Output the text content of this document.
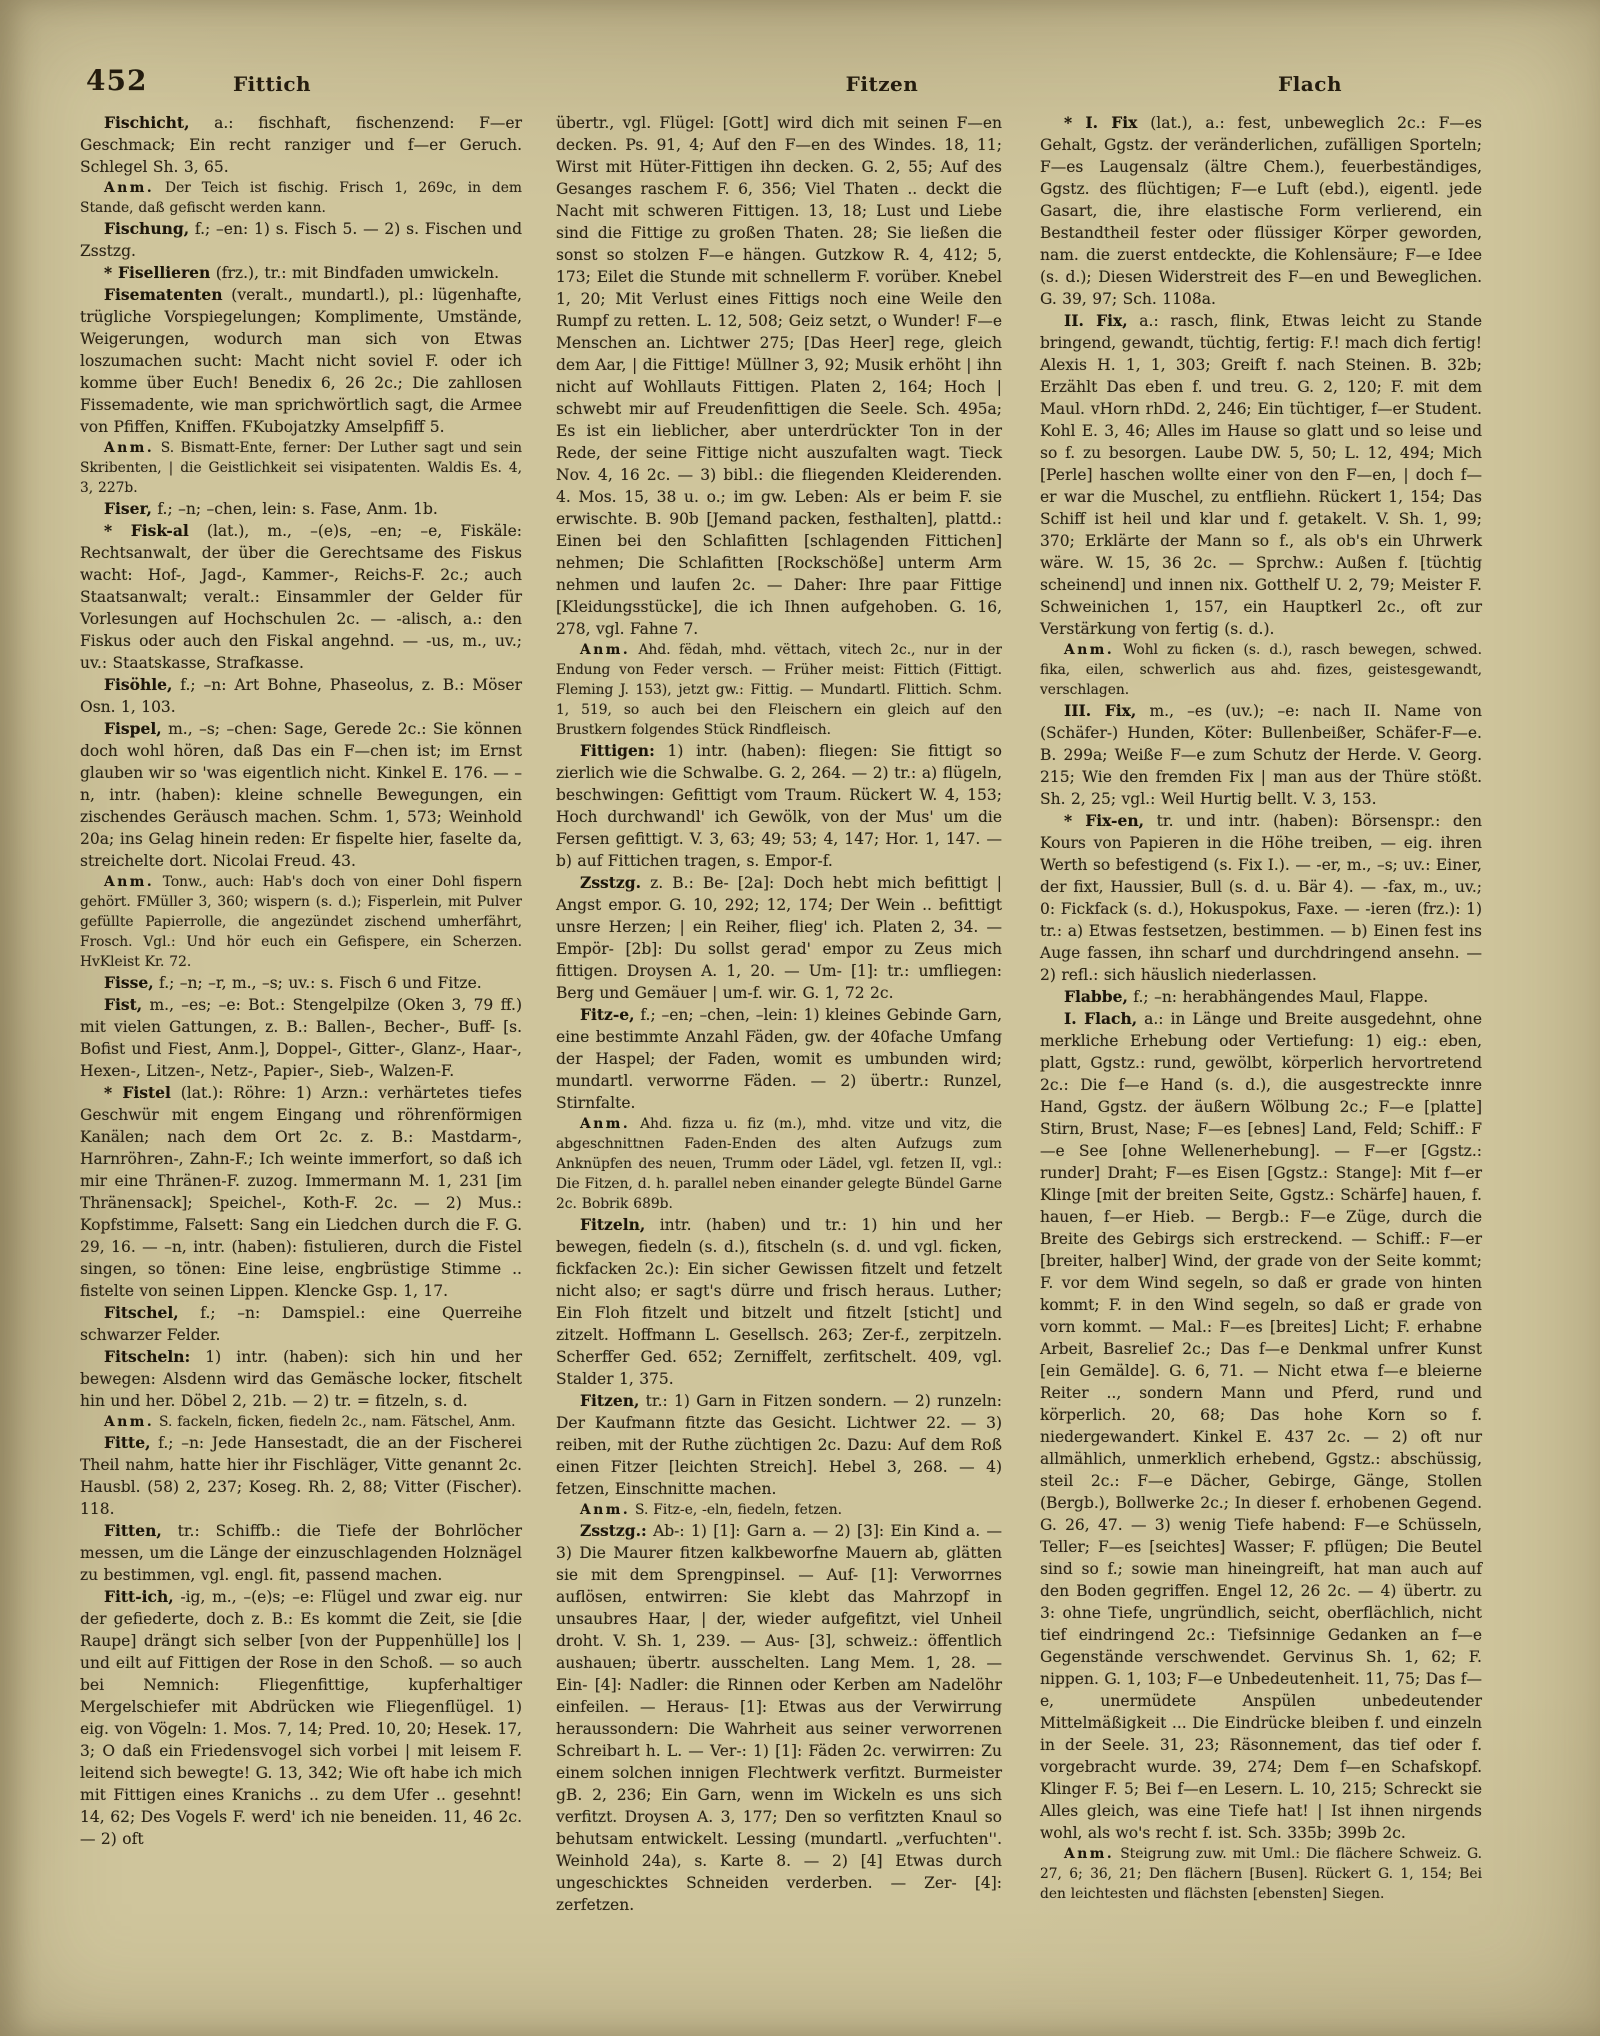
452	Fittich	Fitzen	Flach

Fischicht, a.: fischhaft, fischenzend: F—er Geschmack; Ein recht ranziger und f—er Geruch. Schlegel Sh. 3, 65.

Anm. Der Teich ist fischig. Frisch 1, 269c, in dem Stande, daß gefischt werden kann.

Fischung, f.; –en: 1) s. Fisch 5. — 2) s. Fischen und Zsstzg.

* Fisellieren (frz.), tr.: mit Bindfaden umwickeln.

Fisematenten (veralt., mundartl.), pl.: lügenhafte, trügliche Vorspiegelungen; Komplimente, Umstände, Weigerungen, wodurch man sich von Etwas loszumachen sucht: Macht nicht soviel F. oder ich komme über Euch! Benedix 6, 26 2c.; Die zahllosen Fissemadente, wie man sprichwörtlich sagt, die Armee von Pfiffen, Kniffen. FKubojatzky Amselpfiff 5.

Anm. S. Bismatt-Ente, ferner: Der Luther sagt und sein Skribenten, | die Geistlichkeit sei visipatenten. Waldis Es. 4, 3, 227b.

Fiser, f.; –n; –chen, lein: s. Fase, Anm. 1b.

* Fisk-al (lat.), m., –(e)s, –en; –e, Fiskäle: Rechtsanwalt, der über die Gerechtsame des Fiskus wacht: Hof-, Jagd-, Kammer-, Reichs-F. 2c.; auch Staatsanwalt; veralt.: Einsammler der Gelder für Vorlesungen auf Hochschulen 2c. — -alisch, a.: den Fiskus oder auch den Fiskal angehnd. — -us, m., uv.; uv.: Staatskasse, Strafkasse.

Fisöhle, f.; –n: Art Bohne, Phaseolus, z. B.: Möser Osn. 1, 103.

Fispel, m., –s; –chen: Sage, Gerede 2c.: Sie können doch wohl hören, daß Das ein F—chen ist; im Ernst glauben wir so 'was eigentlich nicht. Kinkel E. 176. — –n, intr. (haben): kleine schnelle Bewegungen, ein zischendes Geräusch machen. Schm. 1, 573; Weinhold 20a; ins Gelag hinein reden: Er fispelte hier, faselte da, streichelte dort. Nicolai Freud. 43.

Anm. Tonw., auch: Hab's doch von einer Dohl fispern gehört. FMüller 3, 360; wispern (s. d.); Fisperlein, mit Pulver gefüllte Papierrolle, die angezündet zischend umherfährt, Frosch. Vgl.: Und hör euch ein Gefispere, ein Scherzen. HvKleist Kr. 72.

Fisse, f.; –n; –r, m., –s; uv.: s. Fisch 6 und Fitze.

Fist, m., –es; –e: Bot.: Stengelpilze (Oken 3, 79 ff.) mit vielen Gattungen, z. B.: Ballen-, Becher-, Buff- [s. Bofist und Fiest, Anm.], Doppel-, Gitter-, Glanz-, Haar-, Hexen-, Litzen-, Netz-, Papier-, Sieb-, Walzen-F.

* Fistel (lat.): Röhre: 1) Arzn.: verhärtetes tiefes Geschwür mit engem Eingang und röhrenförmigen Kanälen; nach dem Ort 2c. z. B.: Mastdarm-, Harnröhren-, Zahn-F.; Ich weinte immerfort, so daß ich mir eine Thränen-F. zuzog. Immermann M. 1, 231 [im Thränensack]; Speichel-, Koth-F. 2c. — 2) Mus.: Kopfstimme, Falsett: Sang ein Liedchen durch die F. G. 29, 16. — –n, intr. (haben): fistulieren, durch die Fistel singen, so tönen: Eine leise, engbrüstige Stimme .. fistelte von seinen Lippen. Klencke Gsp. 1, 17.

Fitschel, f.; –n: Damspiel.: eine Querreihe schwarzer Felder.

Fitscheln: 1) intr. (haben): sich hin und her bewegen: Alsdenn wird das Gemäsche locker, fitschelt hin und her. Döbel 2, 21b. — 2) tr. = fitzeln, s. d.

Anm. S. fackeln, ficken, fiedeln 2c., nam. Fätschel, Anm.

Fitte, f.; –n: Jede Hansestadt, die an der Fischerei Theil nahm, hatte hier ihr Fischläger, Vitte genannt 2c. Hausbl. (58) 2, 237; Koseg. Rh. 2, 88; Vitter (Fischer). 118.

Fitten, tr.: Schiffb.: die Tiefe der Bohrlöcher messen, um die Länge der einzuschlagenden Holznägel zu bestimmen, vgl. engl. fit, passend machen.

Fitt-ich, -ig, m., –(e)s; –e: Flügel und zwar eig. nur der gefiederte, doch z. B.: Es kommt die Zeit, sie [die Raupe] drängt sich selber [von der Puppenhülle] los | und eilt auf Fittigen der Rose in den Schoß. — so auch bei Nemnich: Fliegenfittige, kupferhaltiger Mergelschiefer mit Abdrücken wie Fliegenflügel. 1) eig. von Vögeln: 1. Mos. 7, 14; Pred. 10, 20; Hesek. 17, 3; O daß ein Friedensvogel sich vorbei | mit leisem F. leitend sich bewegte! G. 13, 342; Wie oft habe ich mich mit Fittigen eines Kranichs .. zu dem Ufer .. gesehnt! 14, 62; Des Vogels F. werd' ich nie beneiden. 11, 46 2c. — 2) oft

übertr., vgl. Flügel: [Gott] wird dich mit seinen F—en decken. Ps. 91, 4; Auf den F—en des Windes. 18, 11; Wirst mit Hüter-Fittigen ihn decken. G. 2, 55; Auf des Gesanges raschem F. 6, 356; Viel Thaten .. deckt die Nacht mit schweren Fittigen. 13, 18; Lust und Liebe sind die Fittige zu großen Thaten. 28; Sie ließen die sonst so stolzen F—e hängen. Gutzkow R. 4, 412; 5, 173; Eilet die Stunde mit schnellerm F. vorüber. Knebel 1, 20; Mit Verlust eines Fittigs noch eine Weile den Rumpf zu retten. L. 12, 508; Geiz setzt, o Wunder! F—e Menschen an. Lichtwer 275; [Das Heer] rege, gleich dem Aar, | die Fittige! Müllner 3, 92; Musik erhöht | ihn nicht auf Wohllauts Fittigen. Platen 2, 164; Hoch | schwebt mir auf Freudenfittigen die Seele. Sch. 495a; Es ist ein lieblicher, aber unterdrückter Ton in der Rede, der seine Fittige nicht auszufalten wagt. Tieck Nov. 4, 16 2c. — 3) bibl.: die fliegenden Kleiderenden. 4. Mos. 15, 38 u. o.; im gw. Leben: Als er beim F. sie erwischte. B. 90b [Jemand packen, festhalten], plattd.: Einen bei den Schlafitten [schlagenden Fittichen] nehmen; Die Schlafitten [Rockschöße] unterm Arm nehmen und laufen 2c. — Daher: Ihre paar Fittige [Kleidungsstücke], die ich Ihnen aufgehoben. G. 16, 278, vgl. Fahne 7.

Anm. Ahd. fëdah, mhd. vëttach, vitech 2c., nur in der Endung von Feder versch. — Früher meist: Fittich (Fittigt. Fleming J. 153), jetzt gw.: Fittig. — Mundartl. Flittich. Schm. 1, 519, so auch bei den Fleischern ein gleich auf den Brustkern folgendes Stück Rindfleisch.

Fittigen: 1) intr. (haben): fliegen: Sie fittigt so zierlich wie die Schwalbe. G. 2, 264. — 2) tr.: a) flügeln, beschwingen: Gefittigt vom Traum. Rückert W. 4, 153; Hoch durchwandl' ich Gewölk, von der Mus' um die Fersen gefittigt. V. 3, 63; 49; 53; 4, 147; Hor. 1, 147. — b) auf Fittichen tragen, s. Empor-f.

Zsstzg. z. B.: Be- [2a]: Doch hebt mich befittigt | Angst empor. G. 10, 292; 12, 174; Der Wein .. befittigt unsre Herzen; | ein Reiher, flieg' ich. Platen 2, 34. — Empör- [2b]: Du sollst gerad' empor zu Zeus mich fittigen. Droysen A. 1, 20. — Um- [1]: tr.: umfliegen: Berg und Gemäuer | um-f. wir. G. 1, 72 2c.

Fitz-e, f.; –en; –chen, –lein: 1) kleines Gebinde Garn, eine bestimmte Anzahl Fäden, gw. der 40fache Umfang der Haspel; der Faden, womit es umbunden wird; mundartl. verworrne Fäden. — 2) übertr.: Runzel, Stirnfalte.

Anm. Ahd. fizza u. fiz (m.), mhd. vitze und vitz, die abgeschnittnen Faden-Enden des alten Aufzugs zum Anknüpfen des neuen, Trumm oder Lädel, vgl. fetzen II, vgl.: Die Fitzen, d. h. parallel neben einander gelegte Bündel Garne 2c. Bobrik 689b.

Fitzeln, intr. (haben) und tr.: 1) hin und her bewegen, fiedeln (s. d.), fitscheln (s. d. und vgl. ficken, fickfacken 2c.): Ein sicher Gewissen fitzelt und fetzelt nicht also; er sagt's dürre und frisch heraus. Luther; Ein Floh fitzelt und bitzelt und fitzelt [sticht] und zitzelt. Hoffmann L. Gesellsch. 263; Zer-f., zerpitzeln. Scherffer Ged. 652; Zerniffelt, zerfitschelt. 409, vgl. Stalder 1, 375.

Fitzen, tr.: 1) Garn in Fitzen sondern. — 2) runzeln: Der Kaufmann fitzte das Gesicht. Lichtwer 22. — 3) reiben, mit der Ruthe züchtigen 2c. Dazu: Auf dem Roß einen Fitzer [leichten Streich]. Hebel 3, 268. — 4) fetzen, Einschnitte machen.

Anm. S. Fitz-e, -eln, fiedeln, fetzen.

Zsstzg.: Ab-: 1) [1]: Garn a. — 2) [3]: Ein Kind a. — 3) Die Maurer fitzen kalkbeworfne Mauern ab, glätten sie mit dem Sprengpinsel. — Auf- [1]: Verworrnes auflösen, entwirren: Sie klebt das Mahrzopf in unsaubres Haar, | der, wieder aufgefitzt, viel Unheil droht. V. Sh. 1, 239. — Aus- [3], schweiz.: öffentlich aushauen; übertr. ausschelten. Lang Mem. 1, 28. — Ein- [4]: Nadler: die Rinnen oder Kerben am Nadelöhr einfeilen. — Heraus- [1]: Etwas aus der Verwirrung heraussondern: Die Wahrheit aus seiner verworrenen Schreibart h. L. — Ver-: 1) [1]: Fäden 2c. verwirren: Zu einem solchen innigen Flechtwerk verfitzt. Burmeister gB. 2, 236; Ein Garn, wenn im Wickeln es uns sich verfitzt. Droysen A. 3, 177; Den so verfitzten Knaul so behutsam entwickelt. Lessing (mundartl. „verfuchten''. Weinhold 24a), s. Karte 8. — 2) [4] Etwas durch ungeschicktes Schneiden verderben. — Zer- [4]: zerfetzen.

* I. Fix (lat.), a.: fest, unbeweglich 2c.: F—es Gehalt, Ggstz. der veränderlichen, zufälligen Sporteln; F—es Laugensalz (ältre Chem.), feuerbeständiges, Ggstz. des flüchtigen; F—e Luft (ebd.), eigentl. jede Gasart, die, ihre elastische Form verlierend, ein Bestandtheil fester oder flüssiger Körper geworden, nam. die zuerst entdeckte, die Kohlensäure; F—e Idee (s. d.); Diesen Widerstreit des F—en und Beweglichen. G. 39, 97; Sch. 1108a.

II. Fix, a.: rasch, flink, Etwas leicht zu Stande bringend, gewandt, tüchtig, fertig: F.! mach dich fertig! Alexis H. 1, 1, 303; Greift f. nach Steinen. B. 32b; Erzählt Das eben f. und treu. G. 2, 120; F. mit dem Maul. vHorn rhDd. 2, 246; Ein tüchtiger, f—er Student. Kohl E. 3, 46; Alles im Hause so glatt und so leise und so f. zu besorgen. Laube DW. 5, 50; L. 12, 494; Mich [Perle] haschen wollte einer von den F—en, | doch f—er war die Muschel, zu entfliehn. Rückert 1, 154; Das Schiff ist heil und klar und f. getakelt. V. Sh. 1, 99; 370; Erklärte der Mann so f., als ob's ein Uhrwerk wäre. W. 15, 36 2c. — Sprchw.: Außen f. [tüchtig scheinend] und innen nix. Gotthelf U. 2, 79; Meister F. Schweinichen 1, 157, ein Hauptkerl 2c., oft zur Verstärkung von fertig (s. d.).

Anm. Wohl zu ficken (s. d.), rasch bewegen, schwed. fika, eilen, schwerlich aus ahd. fizes, geistesgewandt, verschlagen.

III. Fix, m., –es (uv.); –e: nach II. Name von (Schäfer-) Hunden, Köter: Bullenbeißer, Schäfer-F—e. B. 299a; Weiße F—e zum Schutz der Herde. V. Georg. 215; Wie den fremden Fix | man aus der Thüre stößt. Sh. 2, 25; vgl.: Weil Hurtig bellt. V. 3, 153.

* Fix-en, tr. und intr. (haben): Börsenspr.: den Kours von Papieren in die Höhe treiben, — eig. ihren Werth so befestigend (s. Fix I.). — -er, m., –s; uv.: Einer, der fixt, Haussier, Bull (s. d. u. Bär 4). — -fax, m., uv.; 0: Fickfack (s. d.), Hokuspokus, Faxe. — -ieren (frz.): 1) tr.: a) Etwas festsetzen, bestimmen. — b) Einen fest ins Auge fassen, ihn scharf und durchdringend ansehn. — 2) refl.: sich häuslich niederlassen.

Flabbe, f.; –n: herabhängendes Maul, Flappe.

I. Flach, a.: in Länge und Breite ausgedehnt, ohne merkliche Erhebung oder Vertiefung: 1) eig.: eben, platt, Ggstz.: rund, gewölbt, körperlich hervortretend 2c.: Die f—e Hand (s. d.), die ausgestreckte innre Hand, Ggstz. der äußern Wölbung 2c.; F—e [platte] Stirn, Brust, Nase; F—es [ebnes] Land, Feld; Schiff.: F—e See [ohne Wellenerhebung]. — F—er [Ggstz.: runder] Draht; F—es Eisen [Ggstz.: Stange]: Mit f—er Klinge [mit der breiten Seite, Ggstz.: Schärfe] hauen, f. hauen, f—er Hieb. — Bergb.: F—e Züge, durch die Breite des Gebirgs sich erstreckend. — Schiff.: F—er [breiter, halber] Wind, der grade von der Seite kommt; F. vor dem Wind segeln, so daß er grade von hinten kommt; F. in den Wind segeln, so daß er grade von vorn kommt. — Mal.: F—es [breites] Licht; F. erhabne Arbeit, Basrelief 2c.; Das f—e Denkmal unfrer Kunst [ein Gemälde]. G. 6, 71. — Nicht etwa f—e bleierne Reiter .., sondern Mann und Pferd, rund und körperlich. 20, 68; Das hohe Korn so f. niedergewandert. Kinkel E. 437 2c. — 2) oft nur allmählich, unmerklich erhebend, Ggstz.: abschüssig, steil 2c.: F—e Dächer, Gebirge, Gänge, Stollen (Bergb.), Bollwerke 2c.; In dieser f. erhobenen Gegend. G. 26, 47. — 3) wenig Tiefe habend: F—e Schüsseln, Teller; F—es [seichtes] Wasser; F. pflügen; Die Beutel sind so f.; sowie man hineingreift, hat man auch auf den Boden gegriffen. Engel 12, 26 2c. — 4) übertr. zu 3: ohne Tiefe, ungründlich, seicht, oberflächlich, nicht tief eindringend 2c.: Tiefsinnige Gedanken an f—e Gegenstände verschwendet. Gervinus Sh. 1, 62; F. nippen. G. 1, 103; F—e Unbedeutenheit. 11, 75; Das f—e, unermüdete Anspülen unbedeutender Mittelmäßigkeit ... Die Eindrücke bleiben f. und einzeln in der Seele. 31, 23; Räsonnement, das tief oder f. vorgebracht wurde. 39, 274; Dem f—en Schafskopf. Klinger F. 5; Bei f—en Lesern. L. 10, 215; Schreckt sie Alles gleich, was eine Tiefe hat! | Ist ihnen nirgends wohl, als wo's recht f. ist. Sch. 335b; 399b 2c.

Anm. Steigrung zuw. mit Uml.: Die flächere Schweiz. G. 27, 6; 36, 21; Den flächern [Busen]. Rückert G. 1, 154; Bei den leichtesten und flächsten [ebensten] Siegen.
